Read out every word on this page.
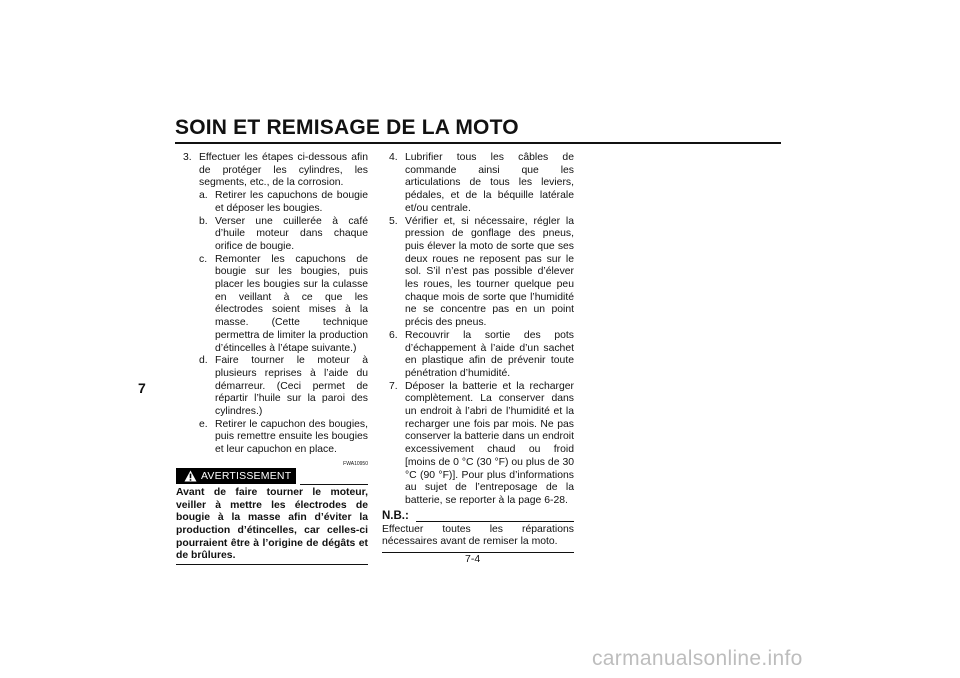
SOIN ET REMISAGE DE LA MOTO
7
3. Effectuer les étapes ci-dessous afin de protéger les cylindres, les segments, etc., de la corrosion.
a. Retirer les capuchons de bougie et déposer les bougies.
b. Verser une cuillerée à café d’huile moteur dans chaque orifice de bougie.
c. Remonter les capuchons de bougie sur les bougies, puis placer les bougies sur la culasse en veillant à ce que les électrodes soient mises à la masse. (Cette technique permettra de limiter la production d’étincelles à l’étape suivante.)
d. Faire tourner le moteur à plusieurs reprises à l’aide du démarreur. (Ceci permet de répartir l’huile sur la paroi des cylindres.)
e. Retirer le capuchon des bougies, puis remettre ensuite les bougies et leur capuchon en place.
FWA10950
AVERTISSEMENT
Avant de faire tourner le moteur, veiller à mettre les électrodes de bougie à la masse afin d’éviter la production d’étincelles, car celles-ci pourraient être à l’origine de dégâts et de brûlures.
4. Lubrifier tous les câbles de commande ainsi que les articulations de tous les leviers, pédales, et de la béquille latérale et/ou centrale.
5. Vérifier et, si nécessaire, régler la pression de gonflage des pneus, puis élever la moto de sorte que ses deux roues ne reposent pas sur le sol. S’il n’est pas possible d’élever les roues, les tourner quelque peu chaque mois de sorte que l’humidité ne se concentre pas en un point précis des pneus.
6. Recouvrir la sortie des pots d’échappement à l’aide d’un sachet en plastique afin de prévenir toute pénétration d’humidité.
7. Déposer la batterie et la recharger complètement. La conserver dans un endroit à l’abri de l’humidité et la recharger une fois par mois. Ne pas conserver la batterie dans un endroit excessivement chaud ou froid [moins de 0 °C (30 °F) ou plus de 30 °C (90 °F)]. Pour plus d’informations au sujet de l’entreposage de la batterie, se reporter à la page 6-28.
N.B.:
Effectuer toutes les réparations nécessaires avant de remiser la moto.
7-4
carmanualsonline.info
